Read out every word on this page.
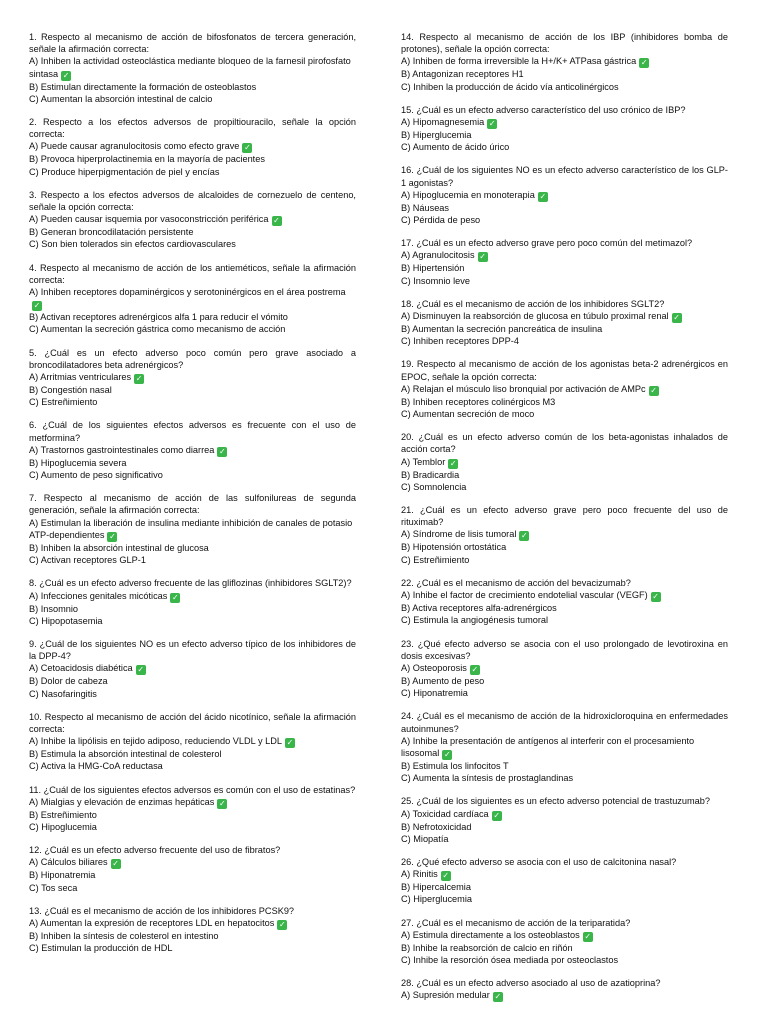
1. Respecto al mecanismo de acción de bifosfonatos de tercera generación, señale la afirmación correcta:
A) Inhiben la actividad osteoclástica mediante bloqueo de la farnesil pirofosfato sintasa ✓
B) Estimulan directamente la formación de osteoblastos
C) Aumentan la absorción intestinal de calcio
2. Respecto a los efectos adversos de propiltiouracilo, señale la opción correcta:
A) Puede causar agranulocitosis como efecto grave ✓
B) Provoca hiperprolactinemia en la mayoría de pacientes
C) Produce hiperpigmentación de piel y encías
3. Respecto a los efectos adversos de alcaloides de cornezuelo de centeno, señale la opción correcta:
A) Pueden causar isquemia por vasoconstricción periférica ✓
B) Generan broncodilatación persistente
C) Son bien tolerados sin efectos cardiovasculares
4. Respecto al mecanismo de acción de los antieméticos, señale la afirmación correcta:
A) Inhiben receptores dopaminérgicos y serotoninérgicos en el área postrema✓
B) Activan receptores adrenérgicos alfa 1 para reducir el vómito
C) Aumentan la secreción gástrica como mecanismo de acción
5. ¿Cuál es un efecto adverso poco común pero grave asociado a broncodilatadores beta adrenérgicos?
A) Arritmias ventriculares ✓
B) Congestión nasal
C) Estreñimiento
6. ¿Cuál de los siguientes efectos adversos es frecuente con el uso de metformina?
A) Trastornos gastrointestinales como diarrea ✓
B) Hipoglucemia severa
C) Aumento de peso significativo
7. Respecto al mecanismo de acción de las sulfonilureas de segunda generación, señale la afirmación correcta:
A) Estimulan la liberación de insulina mediante inhibición de canales de potasio ATP-dependientes ✓
B) Inhiben la absorción intestinal de glucosa
C) Activan receptores GLP-1
8. ¿Cuál es un efecto adverso frecuente de las gliflozinas (inhibidores SGLT2)?
A) Infecciones genitales micóticas ✓
B) Insomnio
C) Hipopotasemia
9. ¿Cuál de los siguientes NO es un efecto adverso típico de los inhibidores de la DPP-4?
A) Cetoacidosis diabética ✓
B) Dolor de cabeza
C) Nasofaringitis
10. Respecto al mecanismo de acción del ácido nicotínico, señale la afirmación correcta:
A) Inhibe la lipólisis en tejido adiposo, reduciendo VLDL y LDL ✓
B) Estimula la absorción intestinal de colesterol
C) Activa la HMG-CoA reductasa
11. ¿Cuál de los siguientes efectos adversos es común con el uso de estatinas?
A) Mialgias y elevación de enzimas hepáticas ✓
B) Estreñimiento
C) Hipoglucemia
12. ¿Cuál es un efecto adverso frecuente del uso de fibratos?
A) Cálculos biliares ✓
B) Hiponatremia
C) Tos seca
13. ¿Cuál es el mecanismo de acción de los inhibidores PCSK9?
A) Aumentan la expresión de receptores LDL en hepatocitos ✓
B) Inhiben la síntesis de colesterol en intestino
C) Estimulan la producción de HDL
14. Respecto al mecanismo de acción de los IBP (inhibidores bomba de protones), señale la opción correcta:
A) Inhiben de forma irreversible la H+/K+ ATPasa gástrica ✓
B) Antagonizan receptores H1
C) Inhiben la producción de ácido vía anticolinérgicos
15. ¿Cuál es un efecto adverso característico del uso crónico de IBP?
A) Hipomagnesemia ✓
B) Hiperglucemia
C) Aumento de ácido úrico
16. ¿Cuál de los siguientes NO es un efecto adverso característico de los GLP-1 agonistas?
A) Hipoglucemia en monoterapia ✓
B) Náuseas
C) Pérdida de peso
17. ¿Cuál es un efecto adverso grave pero poco común del metimazol?
A) Agranulocitosis ✓
B) Hipertensión
C) Insomnio leve
18. ¿Cuál es el mecanismo de acción de los inhibidores SGLT2?
A) Disminuyen la reabsorción de glucosa en túbulo proximal renal ✓
B) Aumentan la secreción pancreática de insulina
C) Inhiben receptores DPP-4
19. Respecto al mecanismo de acción de los agonistas beta-2 adrenérgicos en EPOC, señale la opción correcta:
A) Relajan el músculo liso bronquial por activación de AMPc ✓
B) Inhiben receptores colinérgicos M3
C) Aumentan secreción de moco
20. ¿Cuál es un efecto adverso común de los beta-agonistas inhalados de acción corta?
A) Temblor ✓
B) Bradicardia
C) Somnolencia
21. ¿Cuál es un efecto adverso grave pero poco frecuente del uso de rituximab?
A) Síndrome de lisis tumoral ✓
B) Hipotensión ortostática
C) Estreñimiento
22. ¿Cuál es el mecanismo de acción del bevacizumab?
A) Inhibe el factor de crecimiento endotelial vascular (VEGF) ✓
B) Activa receptores alfa-adrenérgicos
C) Estimula la angiogénesis tumoral
23. ¿Qué efecto adverso se asocia con el uso prolongado de levotiroxina en dosis excesivas?
A) Osteoporosis ✓
B) Aumento de peso
C) Hiponatremia
24. ¿Cuál es el mecanismo de acción de la hidroxicloroquina en enfermedades autoinmunes?
A) Inhibe la presentación de antígenos al interferir con el procesamiento lisosomal ✓
B) Estimula los linfocitos T
C) Aumenta la síntesis de prostaglandinas
25. ¿Cuál de los siguientes es un efecto adverso potencial de trastuzumab?
A) Toxicidad cardíaca ✓
B) Nefrotoxicidad
C) Miopatía
26. ¿Qué efecto adverso se asocia con el uso de calcitonina nasal?
A) Rinitis ✓
B) Hipercalcemia
C) Hiperglucemia
27. ¿Cuál es el mecanismo de acción de la teriparatida?
A) Estimula directamente a los osteoblastos ✓
B) Inhibe la reabsorción de calcio en riñón
C) Inhibe la resorción ósea mediada por osteoclastos
28. ¿Cuál es un efecto adverso asociado al uso de azatioprina?
A) Supresión medular ✓
